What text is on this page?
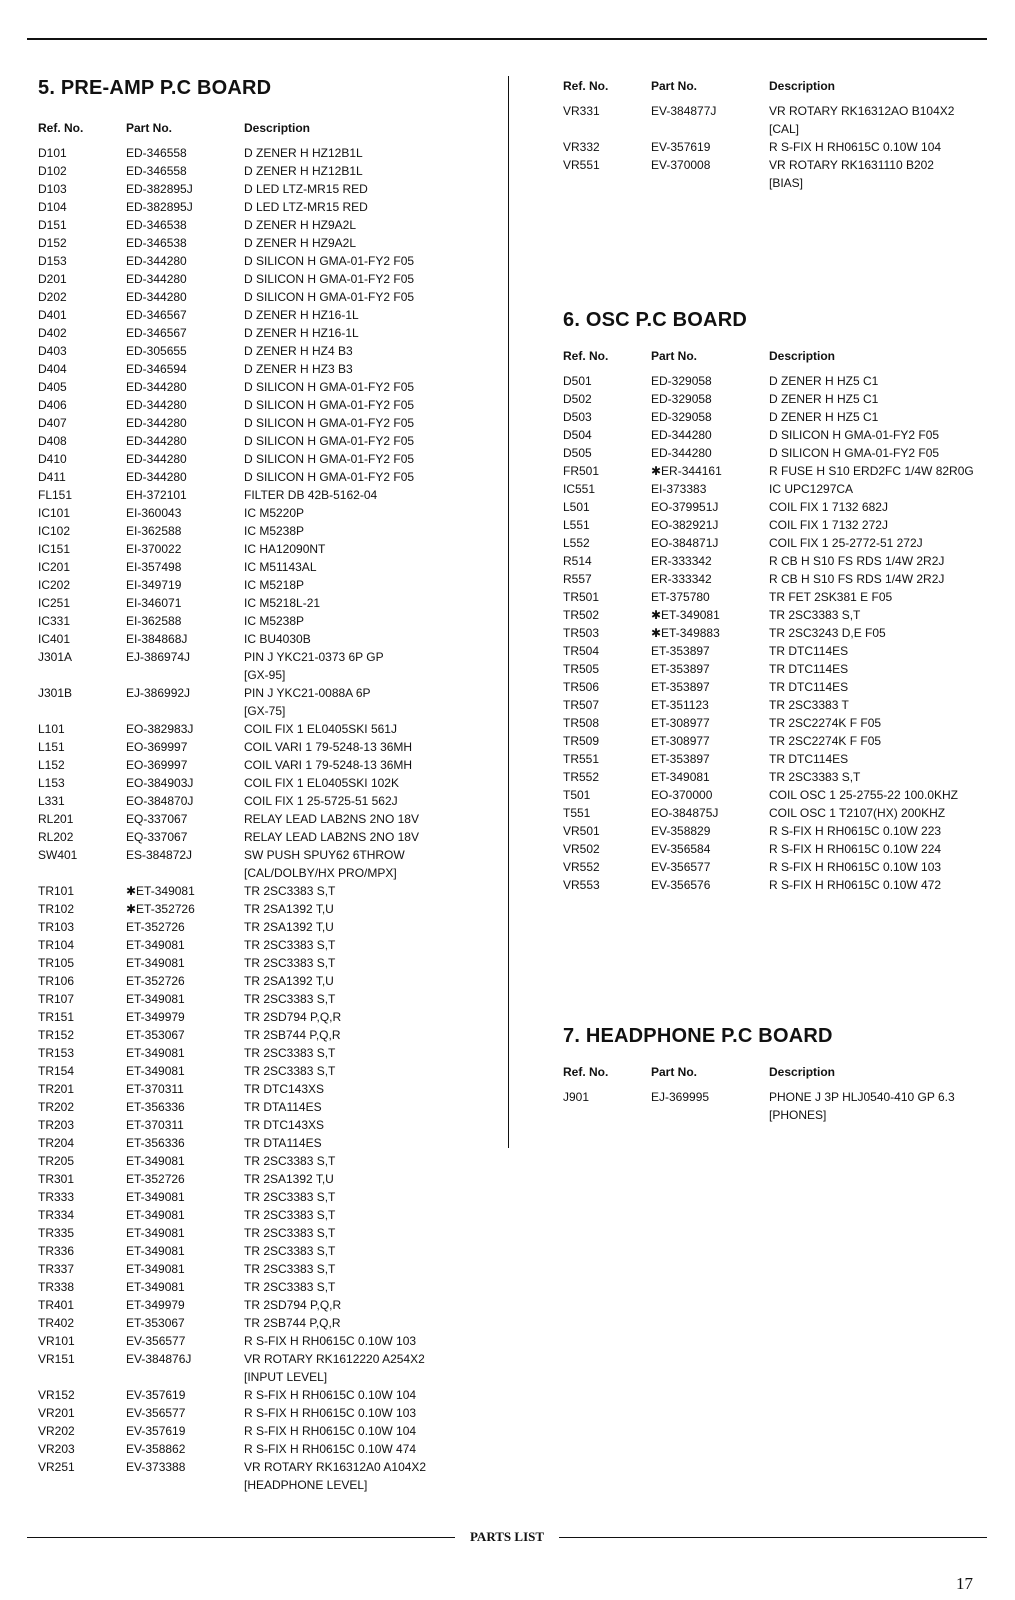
5. PRE-AMP P.C BOARD
Ref. No.	Part No.	Description
D101	ED-346558	D ZENER H HZ12B1L
D102	ED-346558	D ZENER H HZ12B1L
D103	ED-382895J	D LED LTZ-MR15 RED
D104	ED-382895J	D LED LTZ-MR15 RED
D151	ED-346538	D ZENER H HZ9A2L
D152	ED-346538	D ZENER H HZ9A2L
D153	ED-344280	D SILICON H GMA-01-FY2 F05
D201	ED-344280	D SILICON H GMA-01-FY2 F05
D202	ED-344280	D SILICON H GMA-01-FY2 F05
D401	ED-346567	D ZENER H HZ16-1L
D402	ED-346567	D ZENER H HZ16-1L
D403	ED-305655	D ZENER H HZ4 B3
D404	ED-346594	D ZENER H HZ3 B3
D405	ED-344280	D SILICON H GMA-01-FY2 F05
D406	ED-344280	D SILICON H GMA-01-FY2 F05
D407	ED-344280	D SILICON H GMA-01-FY2 F05
D408	ED-344280	D SILICON H GMA-01-FY2 F05
D410	ED-344280	D SILICON H GMA-01-FY2 F05
D411	ED-344280	D SILICON H GMA-01-FY2 F05
FL151	EH-372101	FILTER DB 42B-5162-04
IC101	EI-360043	IC M5220P
IC102	EI-362588	IC M5238P
IC151	EI-370022	IC HA12090NT
IC201	EI-357498	IC M51143AL
IC202	EI-349719	IC M5218P
IC251	EI-346071	IC M5218L-21
IC331	EI-362588	IC M5238P
IC401	EI-384868J	IC BU4030B
J301A	EJ-386974J	PIN J YKC21-0373 6P GP
[GX-95]
J301B	EJ-386992J	PIN J YKC21-0088A 6P
[GX-75]
L101	EO-382983J	COIL FIX 1 EL0405SKI 561J
L151	EO-369997	COIL VARI 1 79-5248-13 36MH
L152	EO-369997	COIL VARI 1 79-5248-13 36MH
L153	EO-384903J	COIL FIX 1 EL0405SKI 102K
L331	EO-384870J	COIL FIX 1 25-5725-51 562J
RL201	EQ-337067	RELAY LEAD LAB2NS 2NO 18V
RL202	EQ-337067	RELAY LEAD LAB2NS 2NO 18V
SW401	ES-384872J	SW PUSH SPUY62 6THROW
[CAL/DOLBY/HX PRO/MPX]
TR101	✱ET-349081	TR 2SC3383 S,T
TR102	✱ET-352726	TR 2SA1392 T,U
TR103	ET-352726	TR 2SA1392 T,U
TR104	ET-349081	TR 2SC3383 S,T
TR105	ET-349081	TR 2SC3383 S,T
TR106	ET-352726	TR 2SA1392 T,U
TR107	ET-349081	TR 2SC3383 S,T
TR151	ET-349979	TR 2SD794 P,Q,R
TR152	ET-353067	TR 2SB744 P,Q,R
TR153	ET-349081	TR 2SC3383 S,T
TR154	ET-349081	TR 2SC3383 S,T
TR201	ET-370311	TR DTC143XS
TR202	ET-356336	TR DTA114ES
TR203	ET-370311	TR DTC143XS
TR204	ET-356336	TR DTA114ES
TR205	ET-349081	TR 2SC3383 S,T
TR301	ET-352726	TR 2SA1392 T,U
TR333	ET-349081	TR 2SC3383 S,T
TR334	ET-349081	TR 2SC3383 S,T
TR335	ET-349081	TR 2SC3383 S,T
TR336	ET-349081	TR 2SC3383 S,T
TR337	ET-349081	TR 2SC3383 S,T
TR338	ET-349081	TR 2SC3383 S,T
TR401	ET-349979	TR 2SD794 P,Q,R
TR402	ET-353067	TR 2SB744 P,Q,R
VR101	EV-356577	R S-FIX H RH0615C 0.10W 103
VR151	EV-384876J	VR ROTARY RK1612220 A254X2
[INPUT LEVEL]
VR152	EV-357619	R S-FIX H RH0615C 0.10W 104
VR201	EV-356577	R S-FIX H RH0615C 0.10W 103
VR202	EV-357619	R S-FIX H RH0615C 0.10W 104
VR203	EV-358862	R S-FIX H RH0615C 0.10W 474
VR251	EV-373388	VR ROTARY RK16312A0 A104X2
[HEADPHONE LEVEL]
Ref. No.	Part No.	Description
VR331	EV-384877J	VR ROTARY RK16312AO B104X2
[CAL]
VR332	EV-357619	R S-FIX H RH0615C 0.10W 104
VR551	EV-370008	VR ROTARY RK1631110 B202
[BIAS]
6. OSC P.C BOARD
Ref. No.	Part No.	Description
D501	ED-329058	D ZENER H HZ5 C1
D502	ED-329058	D ZENER H HZ5 C1
D503	ED-329058	D ZENER H HZ5 C1
D504	ED-344280	D SILICON H GMA-01-FY2 F05
D505	ED-344280	D SILICON H GMA-01-FY2 F05
FR501	✱ER-344161	R FUSE H S10 ERD2FC 1/4W 82R0G
IC551	EI-373383	IC UPC1297CA
L501	EO-379951J	COIL FIX 1 7132 682J
L551	EO-382921J	COIL FIX 1 7132 272J
L552	EO-384871J	COIL FIX 1 25-2772-51 272J
R514	ER-333342	R CB H S10 FS RDS 1/4W 2R2J
R557	ER-333342	R CB H S10 FS RDS 1/4W 2R2J
TR501	ET-375780	TR FET 2SK381 E F05
TR502	✱ET-349081	TR 2SC3383 S,T
TR503	✱ET-349883	TR 2SC3243 D,E F05
TR504	ET-353897	TR DTC114ES
TR505	ET-353897	TR DTC114ES
TR506	ET-353897	TR DTC114ES
TR507	ET-351123	TR 2SC3383 T
TR508	ET-308977	TR 2SC2274K F F05
TR509	ET-308977	TR 2SC2274K F F05
TR551	ET-353897	TR DTC114ES
TR552	ET-349081	TR 2SC3383 S,T
T501	EO-370000	COIL OSC 1 25-2755-22 100.0KHZ
T551	EO-384875J	COIL OSC 1 T2107(HX) 200KHZ
VR501	EV-358829	R S-FIX H RH0615C 0.10W 223
VR502	EV-356584	R S-FIX H RH0615C 0.10W 224
VR552	EV-356577	R S-FIX H RH0615C 0.10W 103
VR553	EV-356576	R S-FIX H RH0615C 0.10W 472
7. HEADPHONE P.C BOARD
Ref. No.	Part No.	Description
J901	EJ-369995	PHONE J 3P HLJ0540-410 GP 6.3
[PHONES]
PARTS LIST
17
